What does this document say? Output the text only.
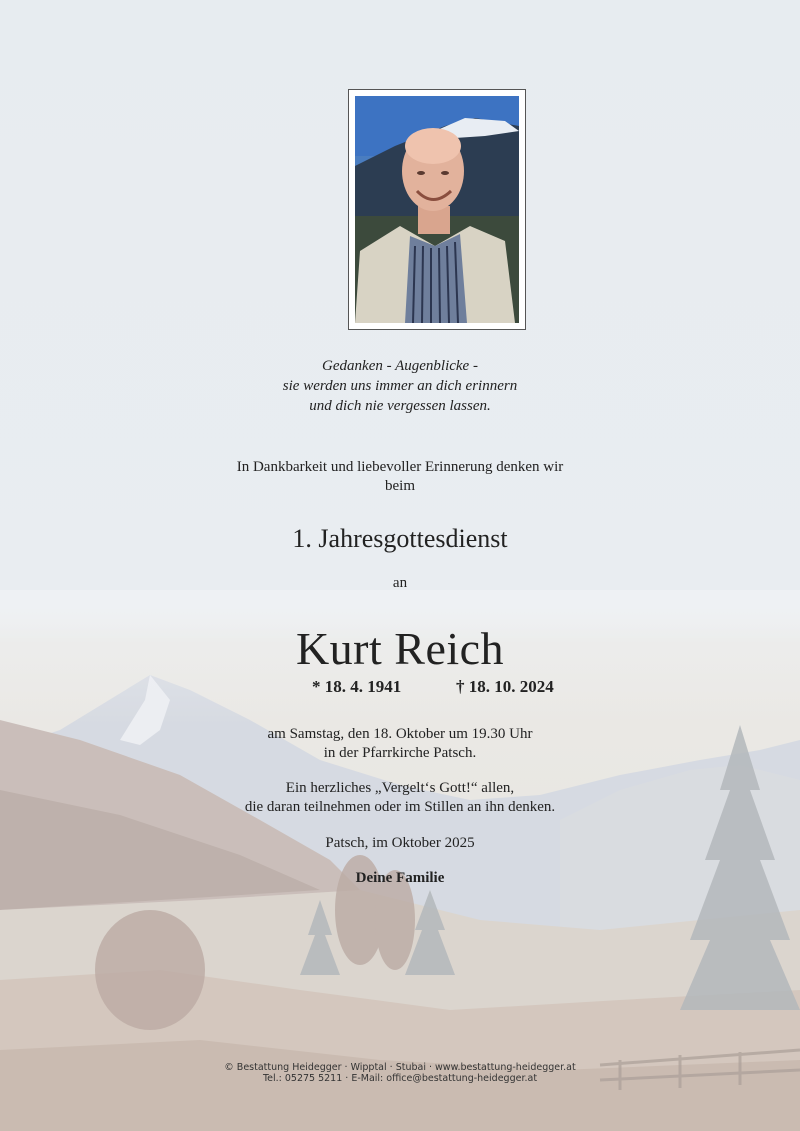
Gedanken - Augenblicke -
sie werden uns immer an dich erinnern
und dich nie vergessen lassen.
In Dankbarkeit und liebevoller Erinnerung denken wir
beim
1. Jahresgottesdienst
an
Kurt Reich
* 18. 4. 1941	† 18. 10. 2024
am Samstag, den 18. Oktober um 19.30 Uhr
in der Pfarrkirche Patsch.
Ein herzliches „Vergelt‘s Gott!“ allen,
die daran teilnehmen oder im Stillen an ihn denken.
Patsch, im Oktober 2025
Deine Familie
© Bestattung Heidegger · Wipptal · Stubai · www.bestattung-heidegger.at
Tel.: 05275 5211 · E-Mail: office@bestattung-heidegger.at
